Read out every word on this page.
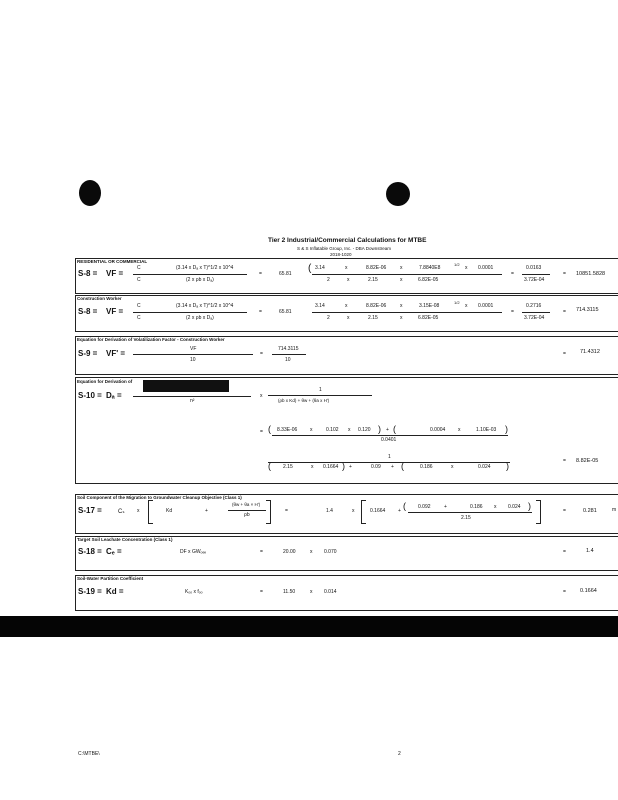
Tier 2 Industrial/Commercial Calculations for MTBE
S & S Inflatable Group, Inc. - DBA Downstream
2018-1020
RESIDENTIAL OR COMMERCIAL
S-8 = VF =
C
C
(3.14 x Dₐ x T)^1/2 x 10^4
(2 x ρb x Dₐ)
=	65.81 ( 3.14	x	8.82E-06	x	7.8840E8
1/2
x 0.0001
2	x	2.15	x	6.82E-05
=
0.0163
3.72E-04
= 10851.5828
Construction Worker
S-8 = VF =
C
C
(3.14 x Dₐ x T)^1/2 x 10^4
(2 x ρb x Dₐ)
=	65.81
3.14	x	8.82E-06	x	3.15E-08
1/2
x 0.0001
2	x	2.15	x	6.82E-05
=
0.2716
3.72E-04
= 714.3115
Equation for Derivation of Volatilization Factor - Construction Worker
S-9 = VF' =	VF
10
=
714.3115
10
=	71.4312
Equation for Derivation of
S-10 = Dₐ =
n²
x
1
(ρb x Kd) + θw + (θa x H')
= ( 8.33E-06	x	0.102 x 0.120 ) + (	0.0004	x	1.10E-03 )
0.0401
1
( 2.15	x 0.1664 ) +	0.09 + (	0.186	x	0.024 )	= 8.82E-05
Soil Component of the Migration to Groundwater Cleanup Objective (Class 1)
S-17 =	Cₛ x	Kd	+
(θw + θa × H')
ρb
=	1.4	x	0.1664	+ ( 0.092	+	0.186 x 0.024 )
2.15
=	0.281	m
Target Soil Leachate Concentration (Class 1)
S-18 = Cₑ =	DF x GWₒₑₑ	=	20.00	x 0.070	=	1.4
Soil-Water Partition Coefficient
S-19 = Kd =	Kₒₒ x fₒₒ	=	11.50	x 0.014	=	0.1664
C:\MTBE\	2
